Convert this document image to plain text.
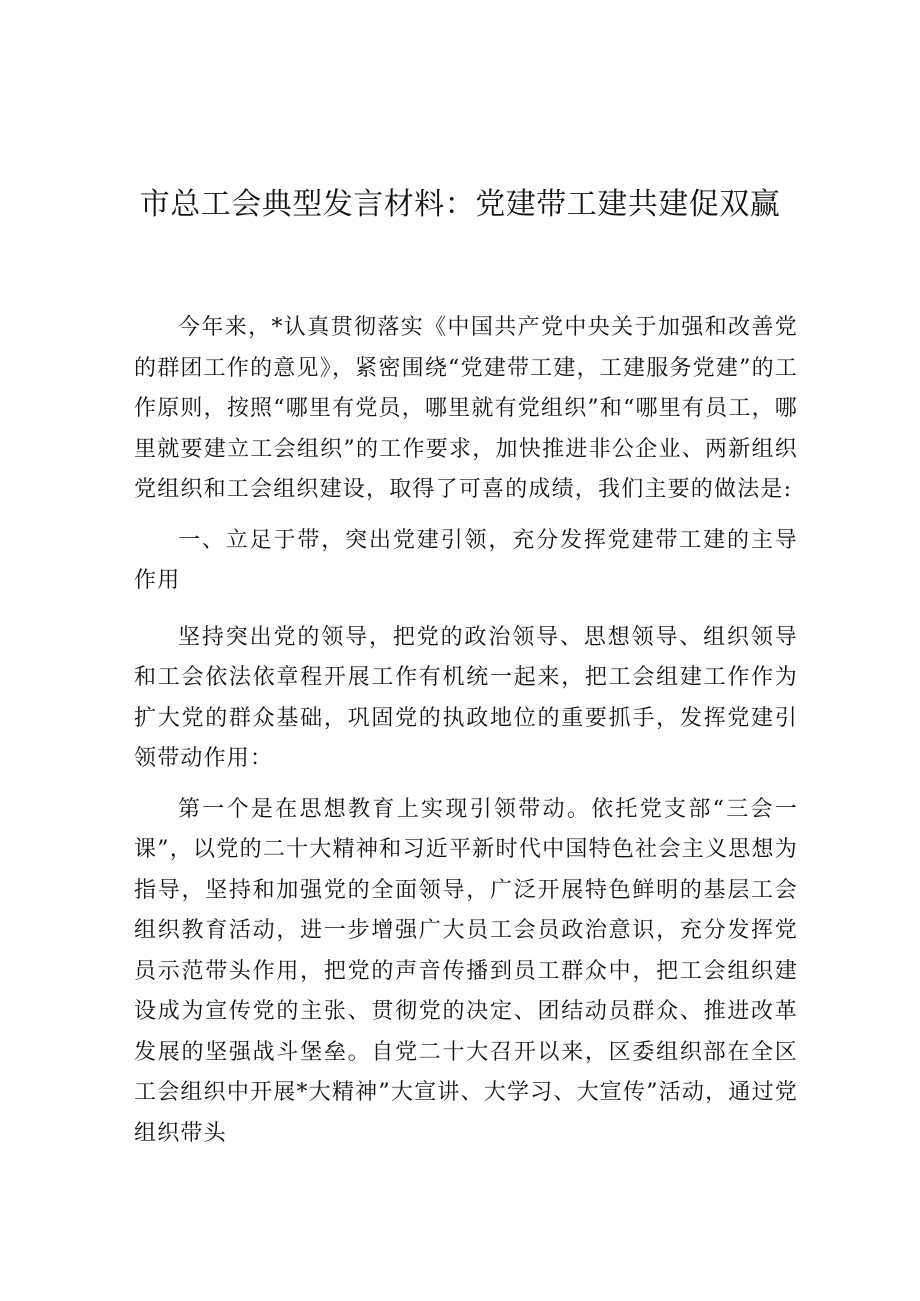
市总工会典型发言材料：党建带工建共建促双赢

今年来，*认真贯彻落实《中国共产党中央关于加强和改善党的群团工作的意见》，紧密围绕“党建带工建，工建服务党建”的工作原则，按照“哪里有党员，哪里就有党组织”和“哪里有员工，哪里就要建立工会组织”的工作要求，加快推进非公企业、两新组织党组织和工会组织建设，取得了可喜的成绩，我们主要的做法是:

一、立足于带，突出党建引领，充分发挥党建带工建的主导作用

坚持突出党的领导，把党的政治领导、思想领导、组织领导和工会依法依章程开展工作有机统一起来，把工会组建工作作为扩大党的群众基础，巩固党的执政地位的重要抓手，发挥党建引领带动作用：

第一个是在思想教育上实现引领带动。依托党支部“三会一课”，以党的二十大精神和习近平新时代中国特色社会主义思想为指导，坚持和加强党的全面领导，广泛开展特色鲜明的基层工会组织教育活动，进一步增强广大员工会员政治意识，充分发挥党员示范带头作用，把党的声音传播到员工群众中，把工会组织建设成为宣传党的主张、贯彻党的决定、团结动员群众、推进改革发展的坚强战斗堡垒。自党二十大召开以来，区委组织部在全区工会组织中开展*大精神”大宣讲、大学习、大宣传”活动，通过党组织带头
